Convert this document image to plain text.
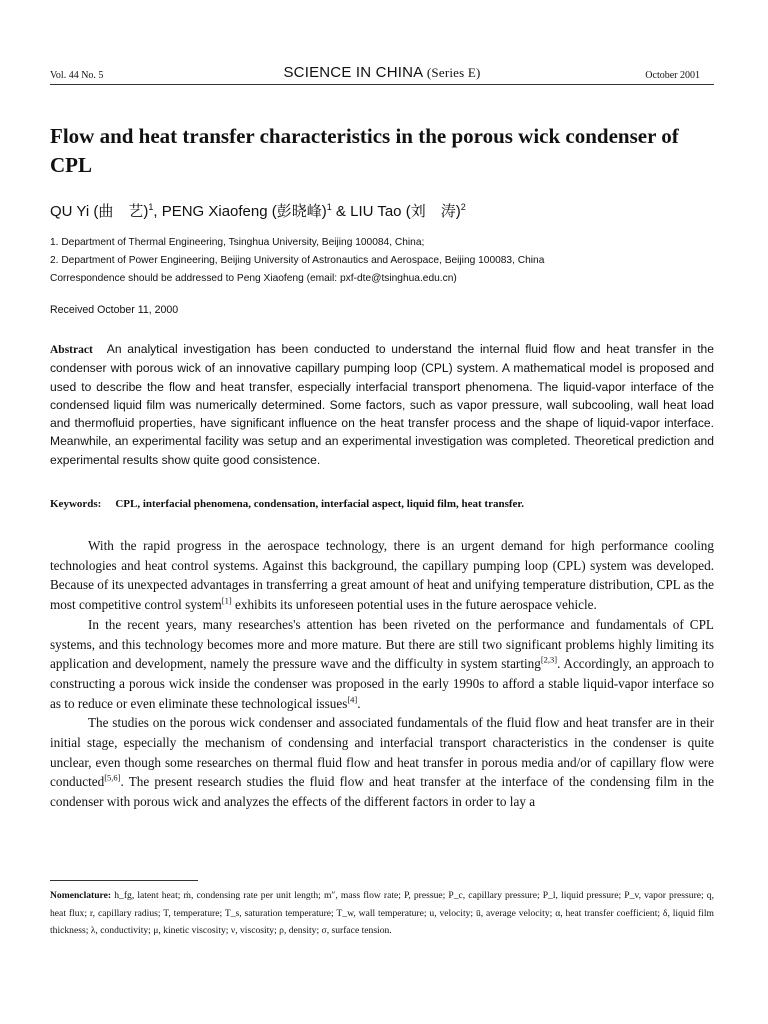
Vol. 44 No. 5	SCIENCE IN CHINA (Series E)	October 2001
Flow and heat transfer characteristics in the porous wick condenser of CPL
QU Yi (曲　艺)$^1$, PENG Xiaofeng (彭晓峰)$^1$ & LIU Tao (刘　涛)$^2$
1. Department of Thermal Engineering, Tsinghua University, Beijing 100084, China;
2. Department of Power Engineering, Beijing University of Astronautics and Aerospace, Beijing 100083, China
Correspondence should be addressed to Peng Xiaofeng (email: pxf-dte@tsinghua.edu.cn)
Received October 11, 2000
Abstract An analytical investigation has been conducted to understand the internal fluid flow and heat transfer in the condenser with porous wick of an innovative capillary pumping loop (CPL) system. A mathematical model is proposed and used to describe the flow and heat transfer, especially interfacial transport phenomena. The liquid-vapor interface of the condensed liquid film was numerically determined. Some factors, such as vapor pressure, wall subcooling, wall heat load and thermofluid properties, have significant influence on the heat transfer process and the shape of liquid-vapor interface. Meanwhile, an experimental facility was setup and an experimental investigation was completed. Theoretical prediction and experimental results show quite good consistence.
Keywords: CPL, interfacial phenomena, condensation, interfacial aspect, liquid film, heat transfer.

With the rapid progress in the aerospace technology, there is an urgent demand for high performance cooling technologies and heat control systems. Against this background, the capillary pumping loop (CPL) system was developed. Because of its unexpected advantages in transferring a great amount of heat and unifying temperature distribution, CPL as the most competitive control system[1] exhibits its unforeseen potential uses in the future aerospace vehicle.

In the recent years, many researches's attention has been riveted on the performance and fundamentals of CPL systems, and this technology becomes more and more mature. But there are still two significant problems highly limiting its application and development, namely the pressure wave and the difficulty in system starting[2,3]. Accordingly, an approach to constructing a porous wick inside the condenser was proposed in the early 1990s to afford a stable liquid-vapor interface so as to reduce or even eliminate these technological issues[4].

The studies on the porous wick condenser and associated fundamentals of the fluid flow and heat transfer are in their initial stage, especially the mechanism of condensing and interfacial transport characteristics in the condenser is quite unclear, even though some researches on thermal fluid flow and heat transfer in porous media and/or of capillary flow were conducted[5,6]. The present research studies the fluid flow and heat transfer at the interface of the condensing film in the condenser with porous wick and analyzes the effects of the different factors in order to lay a

Nomenclature: h_fg, latent heat; ṁ, condensing rate per unit length; m″, mass flow rate; P, pressue; P_c, capillary pressure; P_l, liquid pressure; P_v, vapor pressure; q, heat flux; r, capillary radius; T, temperature; T_s, saturation temperature; T_w, wall temperature; u, velocity; ū, average velocity; α, heat transfer coefficient; δ, liquid film thickness; λ, conductivity; μ, kinetic viscosity; ν, viscosity; ρ, density; σ, surface tension.
